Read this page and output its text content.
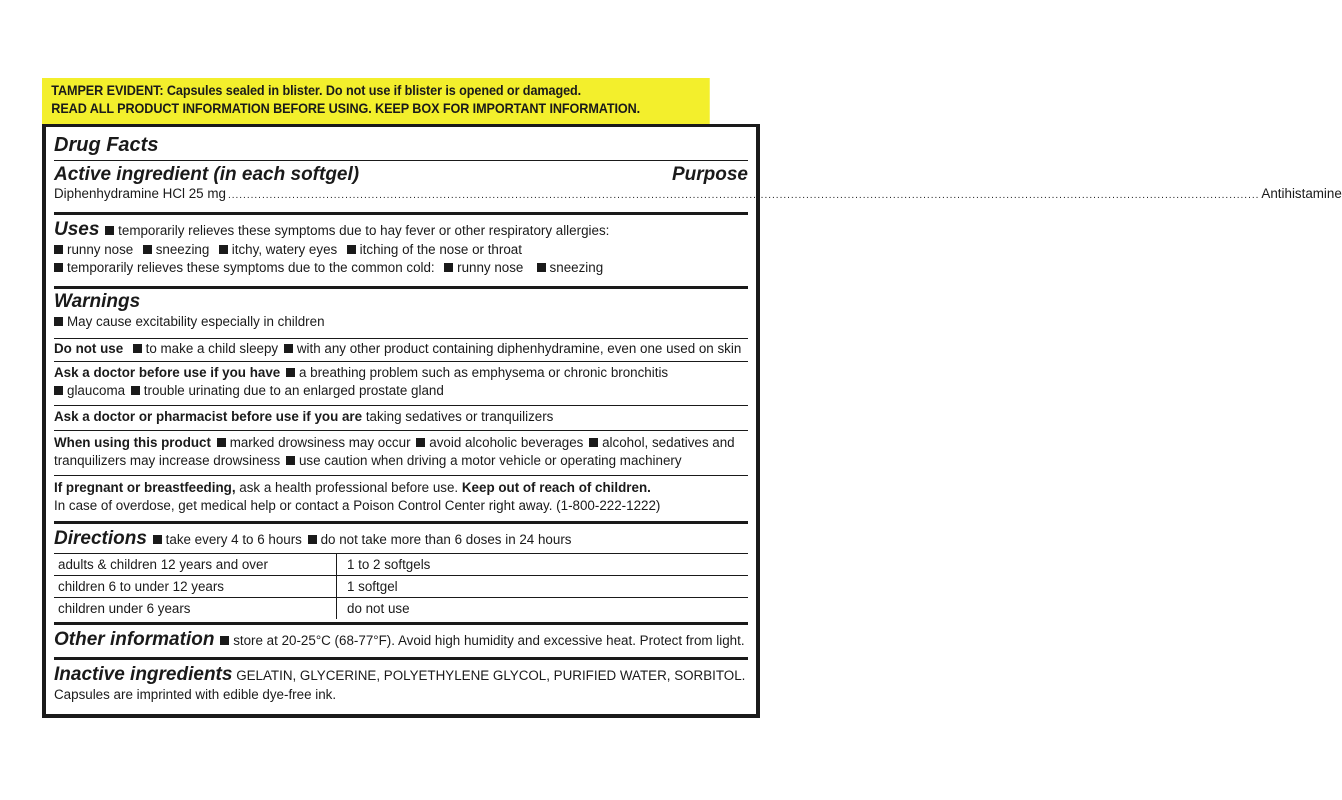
TAMPER EVIDENT: Capsules sealed in blister. Do not use if blister is opened or damaged.
READ ALL PRODUCT INFORMATION BEFORE USING. KEEP BOX FOR IMPORTANT INFORMATION.
Drug Facts
Active ingredient (in each softgel)	Purpose
Diphenhydramine HCl 25 mg ................................................................................................................................................................................................................................................................................. Antihistamine
Uses temporarily relieves these symptoms due to hay fever or other respiratory allergies:
runny nose sneezing itchy, watery eyes itching of the nose or throat
temporarily relieves these symptoms due to the common cold: runny nose sneezing
Warnings
May cause excitability especially in children
Do not use to make a child sleepy with any other product containing diphenhydramine, even one used on skin
Ask a doctor before use if you have a breathing problem such as emphysema or chronic bronchitis
glaucoma trouble urinating due to an enlarged prostate gland
Ask a doctor or pharmacist before use if you are taking sedatives or tranquilizers
When using this product marked drowsiness may occur avoid alcoholic beverages alcohol, sedatives and
tranquilizers may increase drowsiness use caution when driving a motor vehicle or operating machinery
If pregnant or breastfeeding, ask a health professional before use. Keep out of reach of children.
In case of overdose, get medical help or contact a Poison Control Center right away. (1-800-222-1222)
Directions take every 4 to 6 hours do not take more than 6 doses in 24 hours
adults & children 12 years and over	1 to 2 softgels
children 6 to under 12 years	1 softgel
children under 6 years	do not use
Other information store at 20-25°C (68-77°F). Avoid high humidity and excessive heat. Protect from light.
Inactive ingredients GELATIN, GLYCERINE, POLYETHYLENE GLYCOL, PURIFIED WATER, SORBITOL.
Capsules are imprinted with edible dye-free ink.
